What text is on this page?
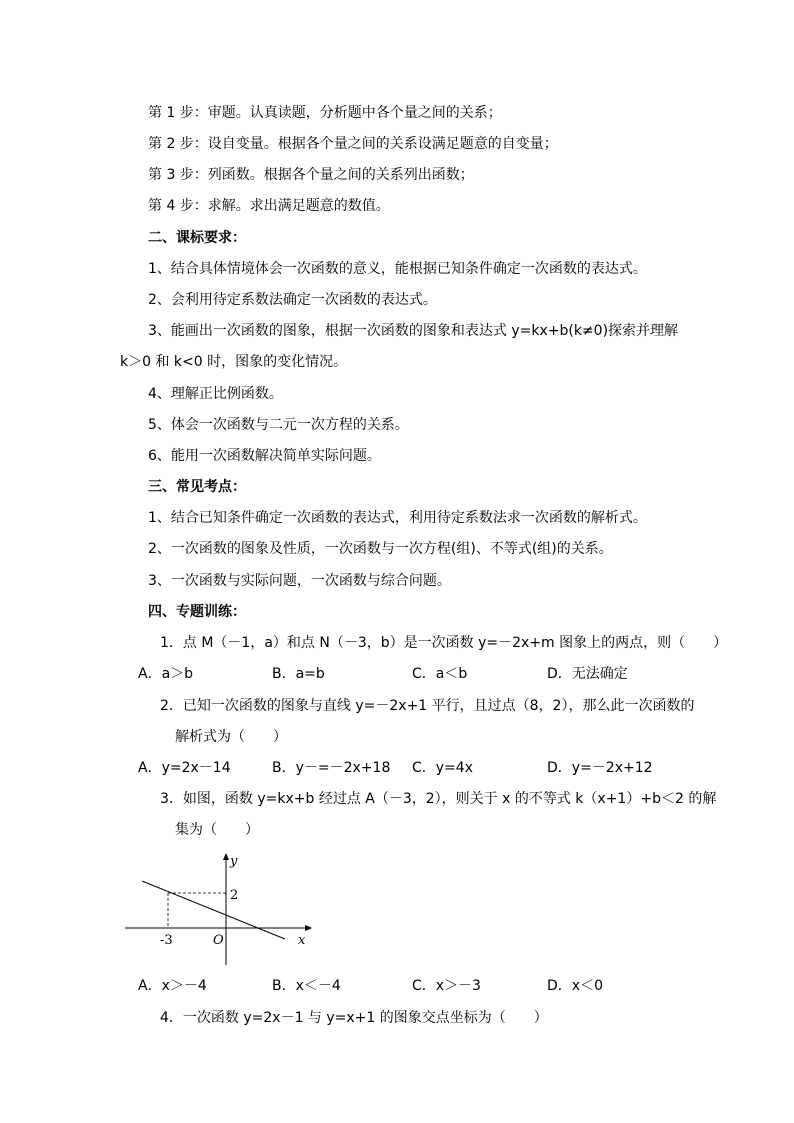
第 1 步：审题。认真读题，分析题中各个量之间的关系；
第 2 步：设自变量。根据各个量之间的关系设满足题意的自变量；
第 3 步：列函数。根据各个量之间的关系列出函数；
第 4 步：求解。求出满足题意的数值。
二、课标要求：
1、结合具体情境体会一次函数的意义，能根据已知条件确定一次函数的表达式。
2、会利用待定系数法确定一次函数的表达式。
3、能画出一次函数的图象，根据一次函数的图象和表达式 y=kx+b(k≠0)探索并理解
k＞0 和 k<0 时，图象的变化情况。
4、理解正比例函数。
5、体会一次函数与二元一次方程的关系。
6、能用一次函数解决简单实际问题。
三、常见考点：
1、结合已知条件确定一次函数的表达式，利用待定系数法求一次函数的解析式。
2、一次函数的图象及性质，一次函数与一次方程(组)、不等式(组)的关系。
3、一次函数与实际问题，一次函数与综合问题。
四、专题训练：
1．点 M（－1，a）和点 N（－3，b）是一次函数 y=－2x+m 图象上的两点，则（　　）
A．a＞b	B．a=b	C．a＜b	D．无法确定
2．已知一次函数的图象与直线 y=－2x+1 平行，且过点（8，2），那么此一次函数的
解析式为（　　）
A．y=2x－14	B．y－=－2x+18 C．y=4x	D．y=－2x+12
3．如图，函数 y=kx+b 经过点 A（－3，2），则关于 x 的不等式 k（x+1）+b＜2 的解
集为（　　）
y
x
O
2
-3
A．x＞－4	B．x＜－4	C．x＞－3	D．x＜0
4．一次函数 y=2x－1 与 y=x+1 的图象交点坐标为（　　）
